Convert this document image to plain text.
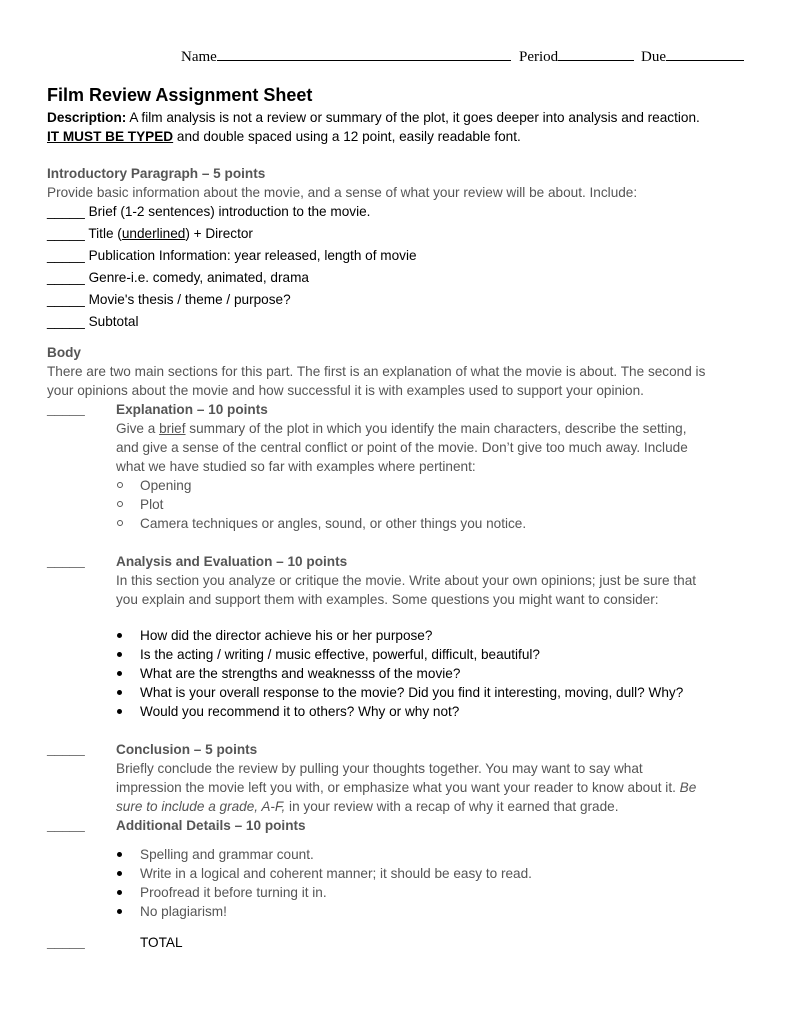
Name	Period	Due
Film Review Assignment Sheet
Description: A film analysis is not a review or summary of the plot, it goes deeper into analysis and reaction.
IT MUST BE TYPED and double spaced using a 12 point, easily readable font.
Introductory Paragraph – 5 points
Provide basic information about the movie, and a sense of what your review will be about. Include:
_____ Brief (1-2 sentences) introduction to the movie.
_____ Title (underlined) + Director
_____ Publication Information: year released, length of movie
_____ Genre-i.e. comedy, animated, drama
_____ Movie's thesis / theme / purpose?
_____ Subtotal
Body
There are two main sections for this part. The first is an explanation of what the movie is about. The second is
your opinions about the movie and how successful it is with examples used to support your opinion.
_____ Explanation – 10 points
Give a brief summary of the plot in which you identify the main characters, describe the setting,
and give a sense of the central conflict or point of the movie. Don’t give too much away. Include
what we have studied so far with examples where pertinent:
Opening
Plot
Camera techniques or angles, sound, or other things you notice.
_____ Analysis and Evaluation – 10 points
In this section you analyze or critique the movie. Write about your own opinions; just be sure that
you explain and support them with examples. Some questions you might want to consider:
How did the director achieve his or her purpose?
Is the acting / writing / music effective, powerful, difficult, beautiful?
What are the strengths and weaknesss of the movie?
What is your overall response to the movie? Did you find it interesting, moving, dull? Why?
Would you recommend it to others? Why or why not?
_____ Conclusion – 5 points
Briefly conclude the review by pulling your thoughts together. You may want to say what
impression the movie left you with, or emphasize what you want your reader to know about it. Be
sure to include a grade, A-F, in your review with a recap of why it earned that grade.
_____ Additional Details – 10 points
Spelling and grammar count.
Write in a logical and coherent manner; it should be easy to read.
Proofread it before turning it in.
No plagiarism!
_____	TOTAL
